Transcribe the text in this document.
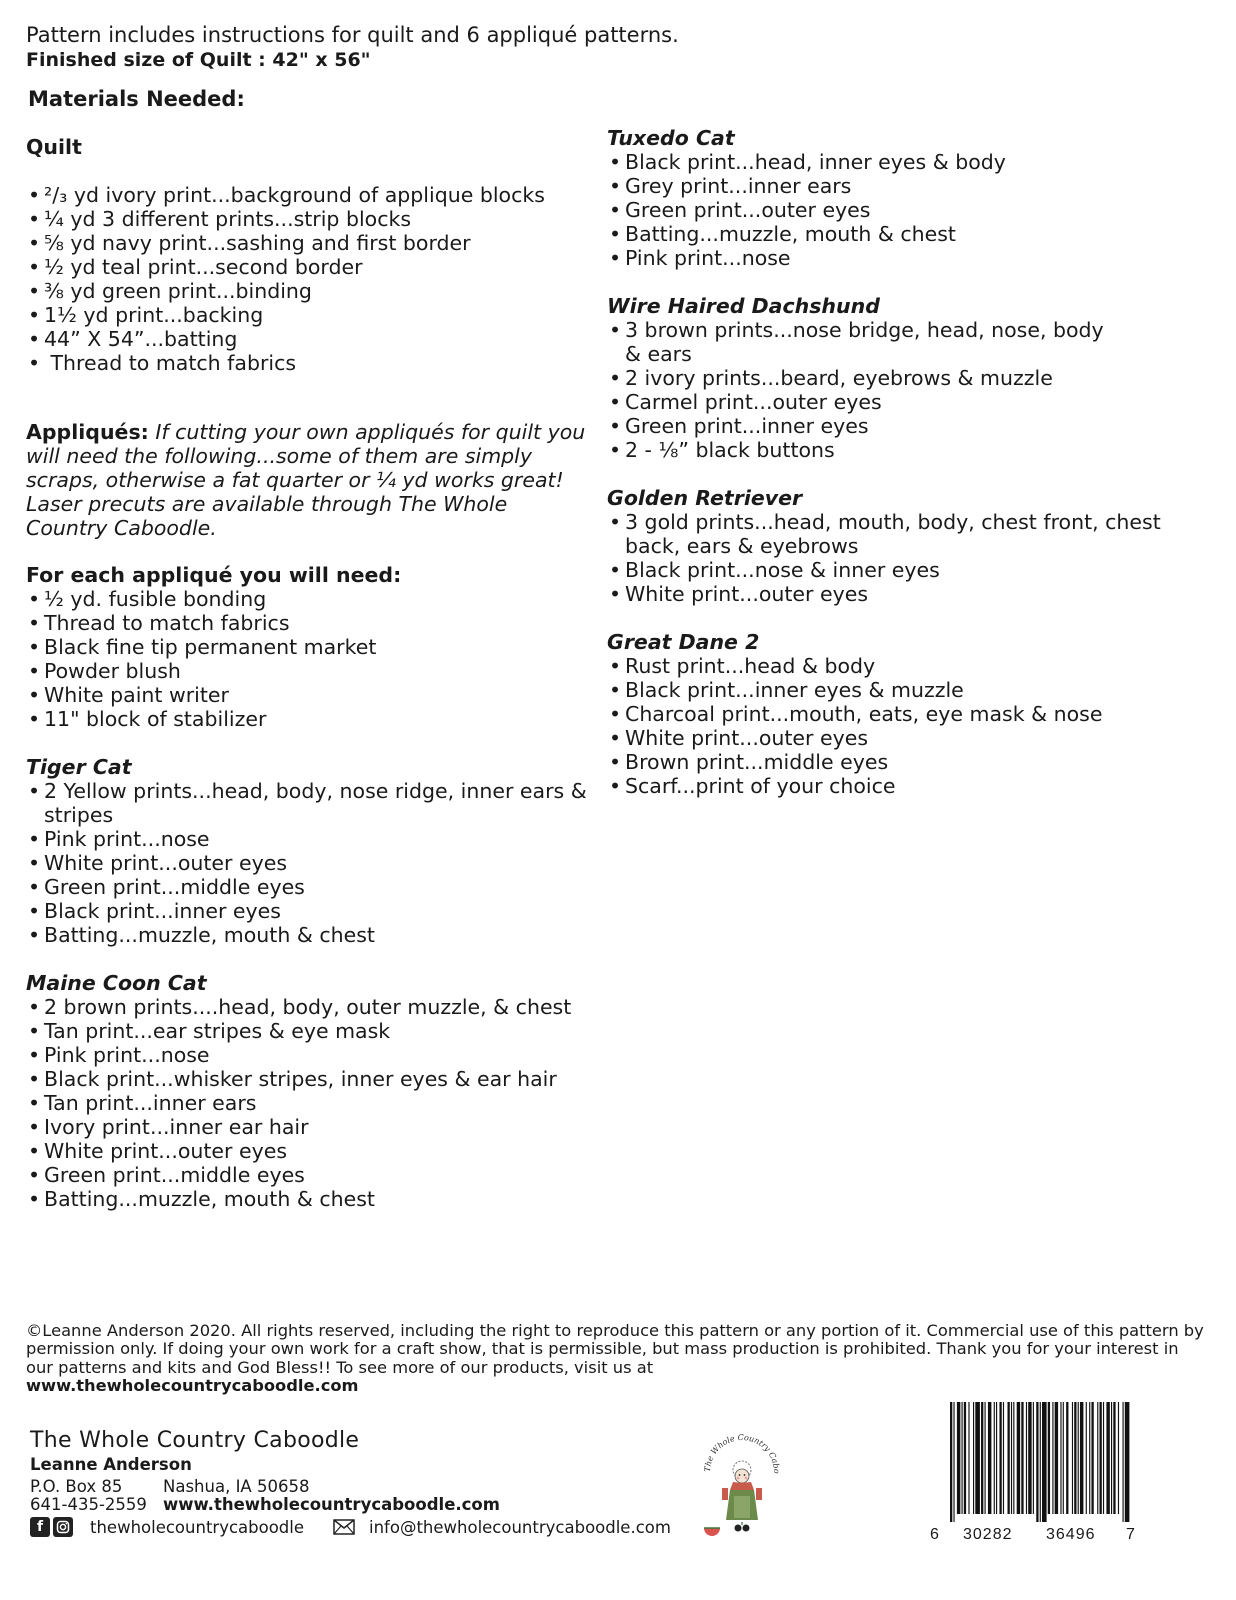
Pattern includes instructions for quilt and 6 appliqué patterns.
Finished size of Quilt : 42" x 56"
Materials Needed:

Quilt

• ²/₃ yd ivory print...background of applique blocks
• ¼ yd 3 different prints...strip blocks
• ⅝ yd navy print...sashing and first border
• ½ yd teal print...second border
• ⅜ yd green print...binding
• 1½ yd print...backing
• 44” X 54”...batting
•  Thread to match fabrics
Appliqués: If cutting your own appliqués for quilt you will need the following...some of them are simply scraps, otherwise a fat quarter or ¼ yd works great! Laser precuts are available through The Whole Country Caboodle.

For each appliqué you will need:

• ½ yd. fusible bonding
• Thread to match fabrics
• Black fine tip permanent market
• Powder blush
• White paint writer
• 11" block of stabilizer

Tiger Cat

• 2 Yellow prints...head, body, nose ridge, inner ears & stripes
• Pink print...nose
• White print...outer eyes
• Green print...middle eyes
• Black print...inner eyes
• Batting...muzzle, mouth & chest

Maine Coon Cat

• 2 brown prints....head, body, outer muzzle, & chest
• Tan print...ear stripes & eye mask
• Pink print...nose
• Black print...whisker stripes, inner eyes & ear hair
• Tan print...inner ears
• Ivory print...inner ear hair
• White print...outer eyes
• Green print...middle eyes
• Batting...muzzle, mouth & chest

Tuxedo Cat

• Black print...head, inner eyes & body
• Grey print...inner ears
• Green print...outer eyes
• Batting...muzzle, mouth & chest
• Pink print...nose

Wire Haired Dachshund

• 3 brown prints...nose bridge, head, nose, body & ears
• 2 ivory prints...beard, eyebrows & muzzle
• Carmel print...outer eyes
• Green print...inner eyes
• 2 - ⅛” black buttons

Golden Retriever

• 3 gold prints...head, mouth, body, chest front, chest back, ears & eyebrows
• Black print...nose & inner eyes
• White print...outer eyes

Great Dane 2

• Rust print...head & body
• Black print...inner eyes & muzzle
• Charcoal print...mouth, eats, eye mask & nose
• White print...outer eyes
• Brown print...middle eyes
• Scarf...print of your choice
©Leanne Anderson 2020. All rights reserved, including the right to reproduce this pattern or any portion of it. Commercial use of this pattern by permission only. If doing your own work for a craft show, that is permissible, but mass production is prohibited. Thank you for your interest in our patterns and kits and God Bless!! To see more of our products, visit us at
www.thewholecountrycaboodle.com
The Whole Country Caboodle
Leanne Anderson
P.O. Box 85 Nashua, IA 50658
641-435-2559 www.thewholecountrycaboodle.com
f	thewholecountrycaboodle	info@thewholecountrycaboodle.com
The Whole Country Cabo
6 30282 36496 7
